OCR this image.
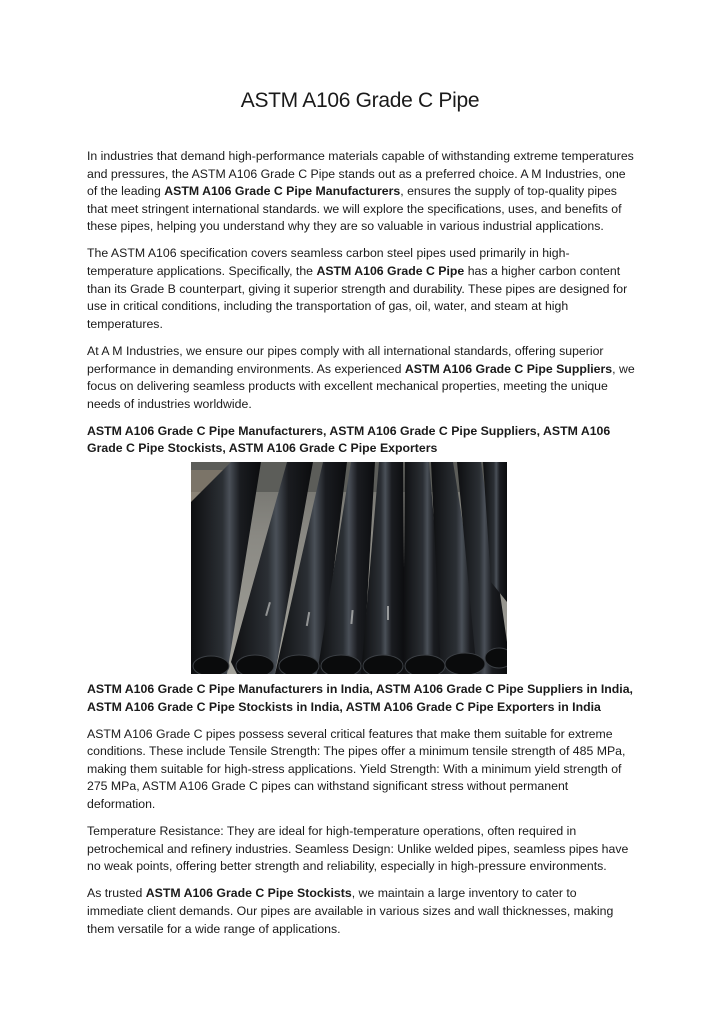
ASTM A106 Grade C Pipe

In industries that demand high-performance materials capable of withstanding extreme temperatures and pressures, the ASTM A106 Grade C Pipe stands out as a preferred choice. A M Industries, one of the leading ASTM A106 Grade C Pipe Manufacturers, ensures the supply of top-quality pipes that meet stringent international standards. we will explore the specifications, uses, and benefits of these pipes, helping you understand why they are so valuable in various industrial applications.

The ASTM A106 specification covers seamless carbon steel pipes used primarily in high-temperature applications. Specifically, the ASTM A106 Grade C Pipe has a higher carbon content than its Grade B counterpart, giving it superior strength and durability. These pipes are designed for use in critical conditions, including the transportation of gas, oil, water, and steam at high temperatures.

At A M Industries, we ensure our pipes comply with all international standards, offering superior performance in demanding environments. As experienced ASTM A106 Grade C Pipe Suppliers, we focus on delivering seamless products with excellent mechanical properties, meeting the unique needs of industries worldwide.

ASTM A106 Grade C Pipe Manufacturers, ASTM A106 Grade C Pipe Suppliers, ASTM A106 Grade C Pipe Stockists, ASTM A106 Grade C Pipe Exporters

ASTM A106 Grade C Pipe Manufacturers in India, ASTM A106 Grade C Pipe Suppliers in India, ASTM A106 Grade C Pipe Stockists in India, ASTM A106 Grade C Pipe Exporters in India

ASTM A106 Grade C pipes possess several critical features that make them suitable for extreme conditions. These include Tensile Strength: The pipes offer a minimum tensile strength of 485 MPa, making them suitable for high-stress applications. Yield Strength: With a minimum yield strength of 275 MPa, ASTM A106 Grade C pipes can withstand significant stress without permanent deformation.

Temperature Resistance: They are ideal for high-temperature operations, often required in petrochemical and refinery industries. Seamless Design: Unlike welded pipes, seamless pipes have no weak points, offering better strength and reliability, especially in high-pressure environments.

As trusted ASTM A106 Grade C Pipe Stockists, we maintain a large inventory to cater to immediate client demands. Our pipes are available in various sizes and wall thicknesses, making them versatile for a wide range of applications.
